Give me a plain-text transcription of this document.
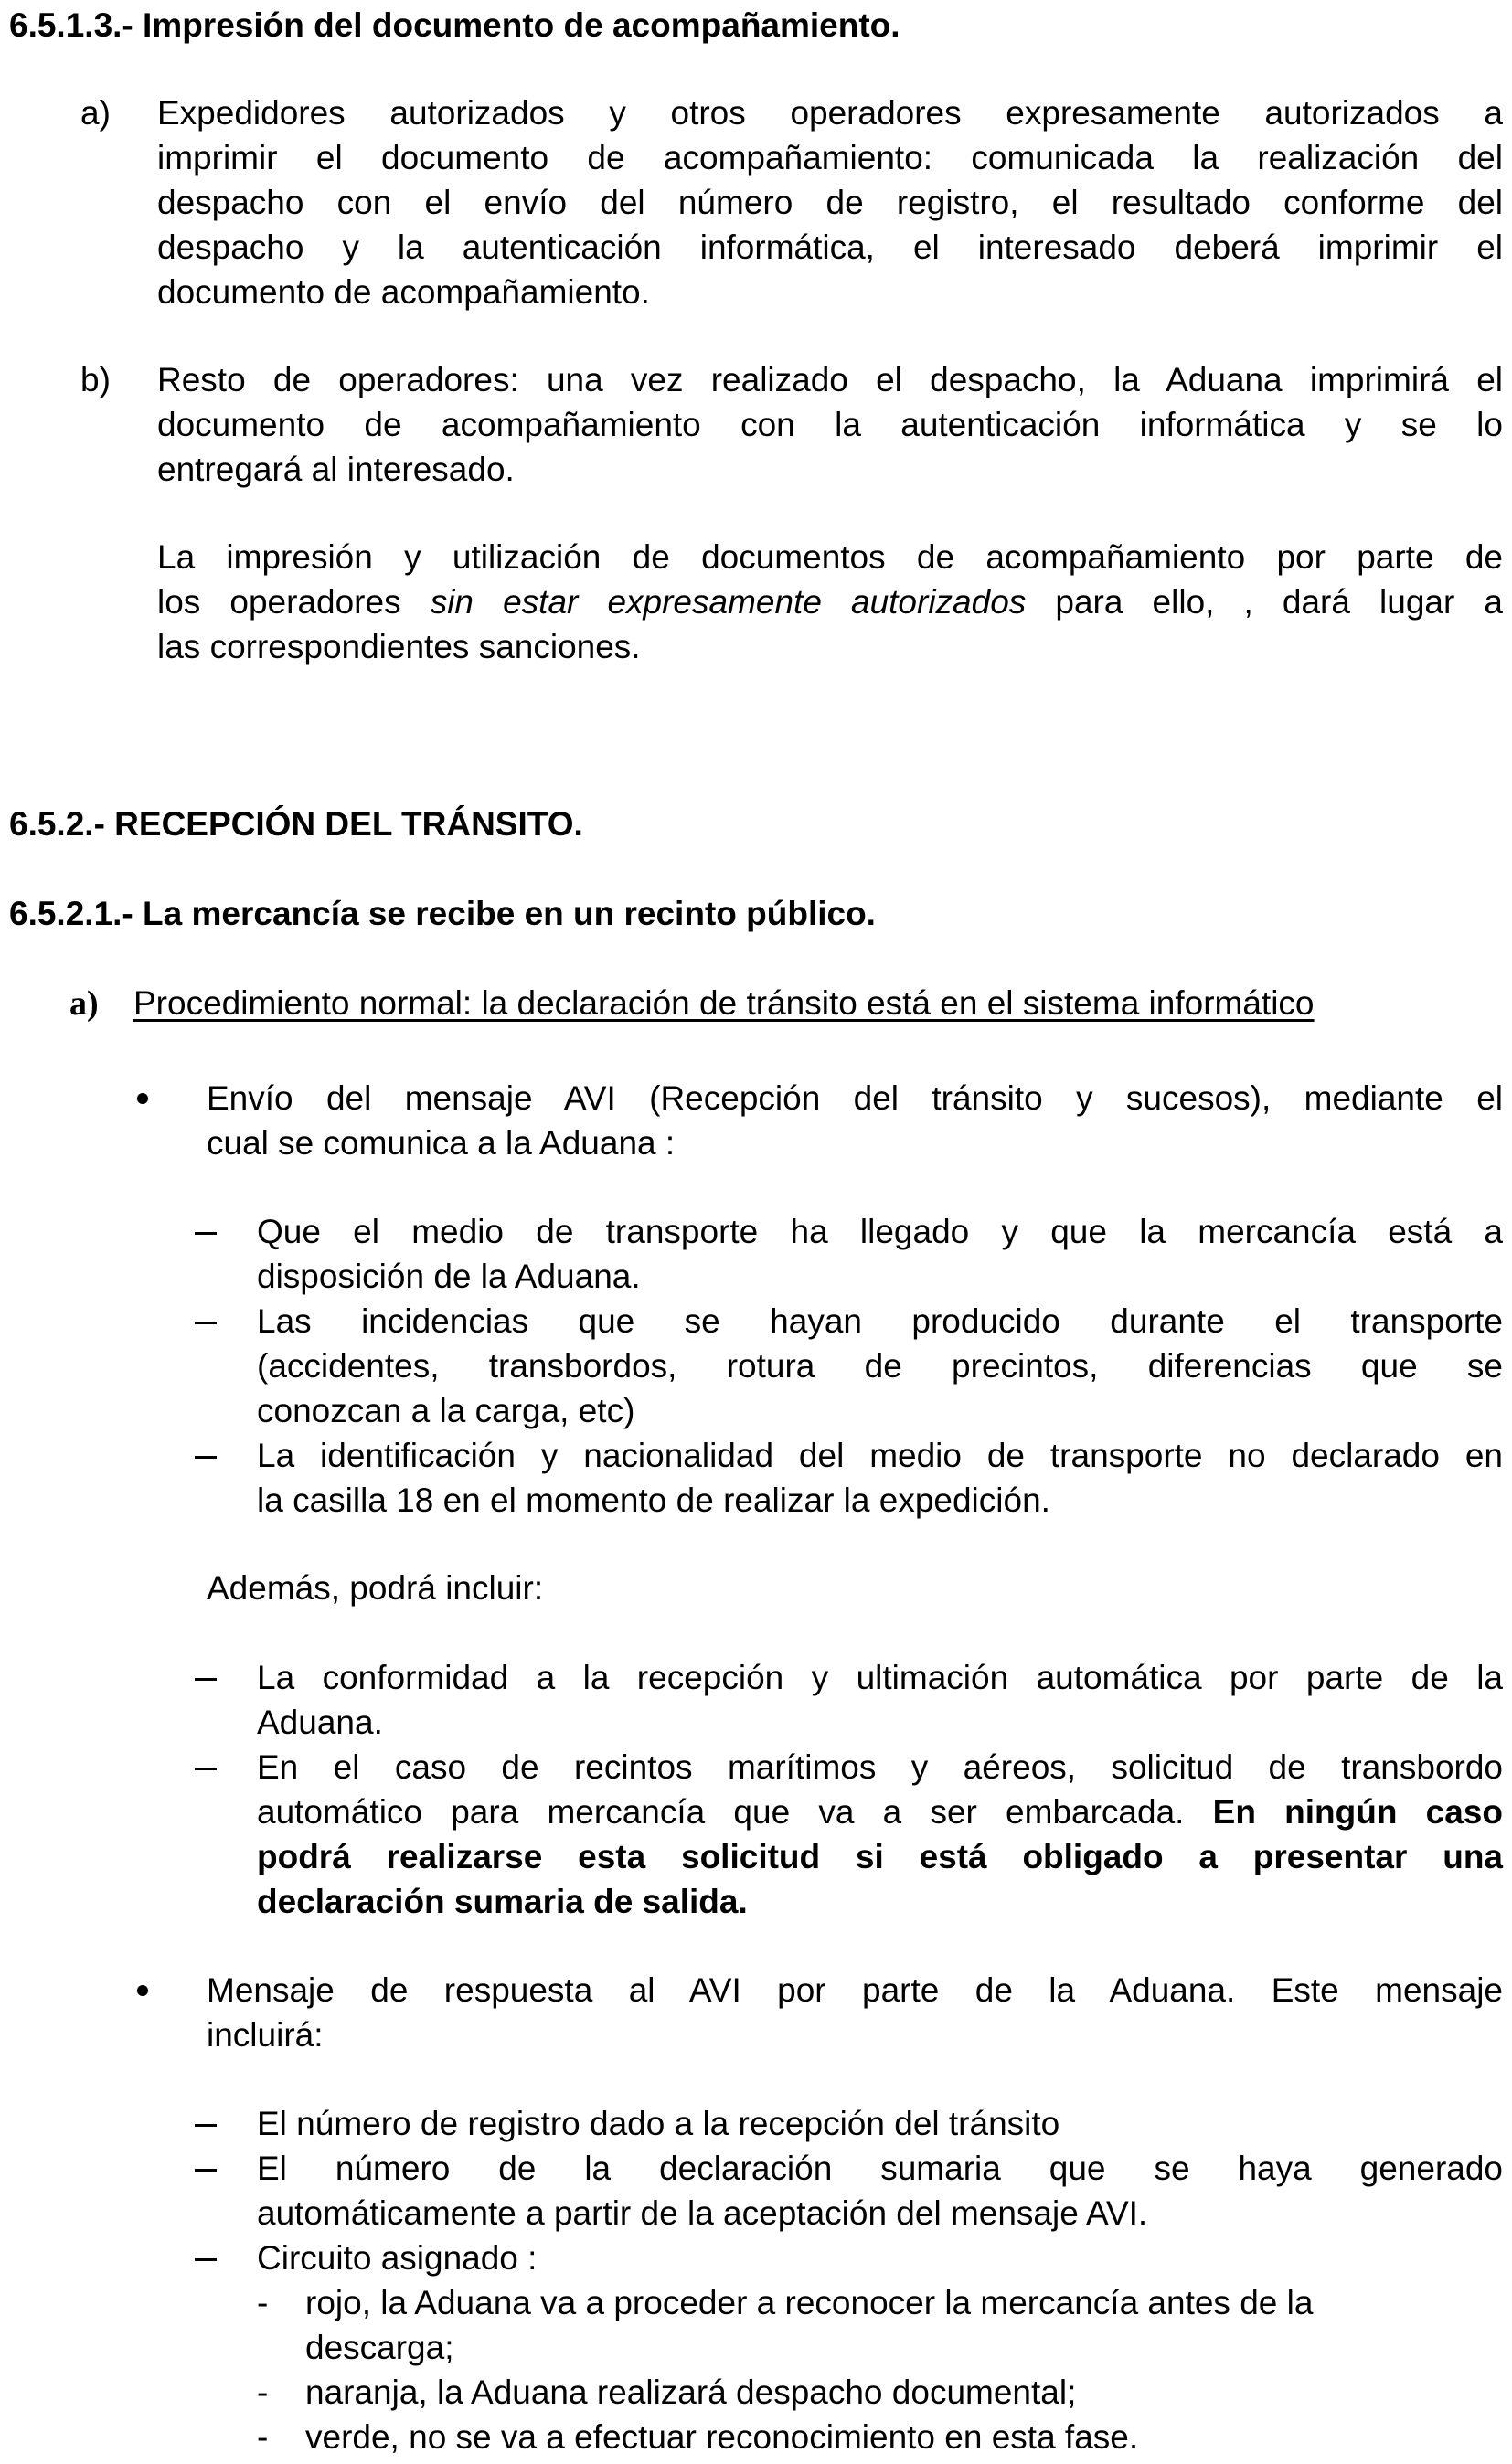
6.5.1.3.- Impresión del documento de acompañamiento.
a) Expedidores autorizados y otros operadores expresamente autorizados a
imprimir el documento de acompañamiento: comunicada la realización del
despacho con el envío del número de registro, el resultado conforme del
despacho y la autenticación informática, el interesado deberá imprimir el
documento de acompañamiento.
b) Resto de operadores: una vez realizado el despacho, la Aduana imprimirá el
documento de acompañamiento con la autenticación informática y se lo
entregará al interesado.
La impresión y utilización de documentos de acompañamiento por parte de
los operadores sin estar expresamente autorizados para ello, , dará lugar a
las correspondientes sanciones.
6.5.2.- RECEPCIÓN DEL TRÁNSITO.
6.5.2.1.- La mercancía se recibe en un recinto público.
a) Procedimiento normal: la declaración de tránsito está en el sistema informático
Envío del mensaje AVI (Recepción del tránsito y sucesos), mediante el
cual se comunica a la Aduana :
Que el medio de transporte ha llegado y que la mercancía está a
disposición de la Aduana.
Las incidencias que se hayan producido durante el transporte
(accidentes, transbordos, rotura de precintos, diferencias que se
conozcan a la carga, etc)
La identificación y nacionalidad del medio de transporte no declarado en
la casilla 18 en el momento de realizar la expedición.
Además, podrá incluir:
La conformidad a la recepción y ultimación automática por parte de la
Aduana.
En el caso de recintos marítimos y aéreos, solicitud de transbordo
automático para mercancía que va a ser embarcada. En ningún caso
podrá realizarse esta solicitud si está obligado a presentar una
declaración sumaria de salida.
Mensaje de respuesta al AVI por parte de la Aduana. Este mensaje
incluirá:
El número de registro dado a la recepción del tránsito
El número de la declaración sumaria que se haya generado
automáticamente a partir de la aceptación del mensaje AVI.
Circuito asignado :
- rojo, la Aduana va a proceder a reconocer la mercancía antes de la
descarga;
- naranja, la Aduana realizará despacho documental;
- verde, no se va a efectuar reconocimiento en esta fase.
